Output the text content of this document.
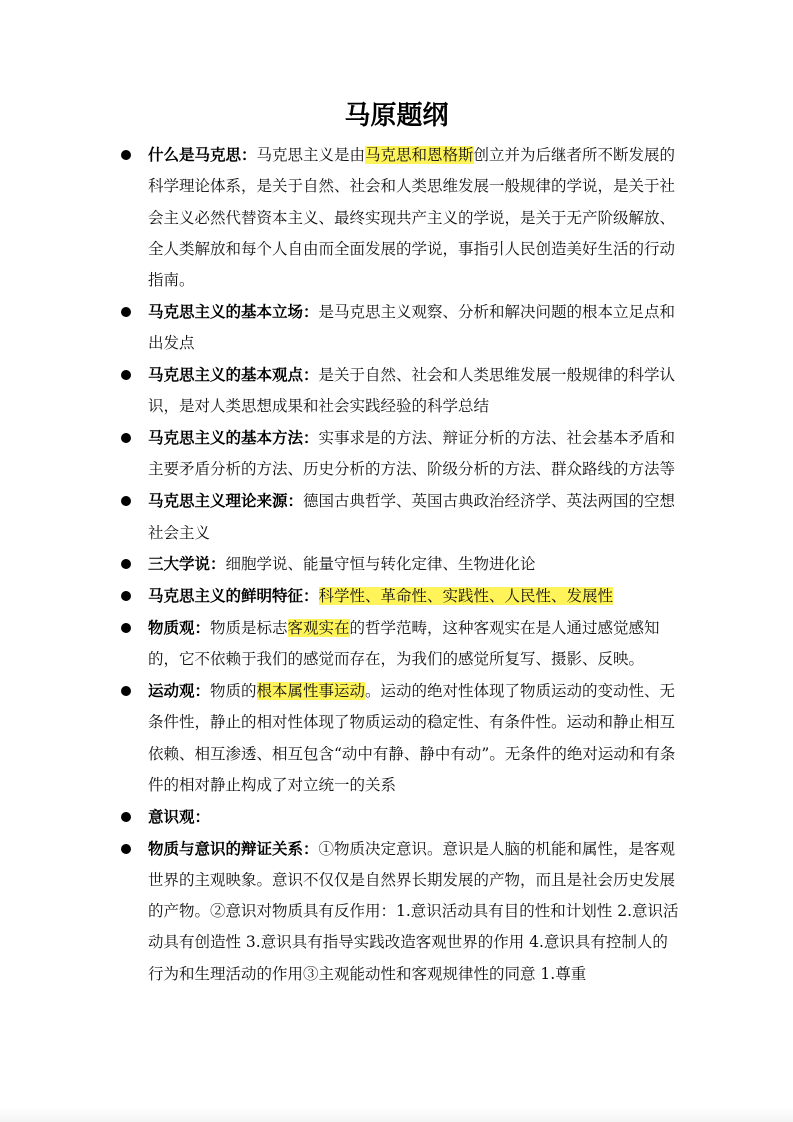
马原题纲
什么是马克思：马克思主义是由马克思和恩格斯创立并为后继者所不断发展的科学理论体系，是关于自然、社会和人类思维发展一般规律的学说，是关于社会主义必然代替资本主义、最终实现共产主义的学说，是关于无产阶级解放、全人类解放和每个人自由而全面发展的学说，事指引人民创造美好生活的行动指南。
马克思主义的基本立场：是马克思主义观察、分析和解决问题的根本立足点和出发点
马克思主义的基本观点：是关于自然、社会和人类思维发展一般规律的科学认识，是对人类思想成果和社会实践经验的科学总结
马克思主义的基本方法：实事求是的方法、辩证分析的方法、社会基本矛盾和主要矛盾分析的方法、历史分析的方法、阶级分析的方法、群众路线的方法等
马克思主义理论来源：德国古典哲学、英国古典政治经济学、英法两国的空想社会主义
三大学说：细胞学说、能量守恒与转化定律、生物进化论
马克思主义的鲜明特征：科学性、革命性、实践性、人民性、发展性
物质观：物质是标志客观实在的哲学范畴，这种客观实在是人通过感觉感知的，它不依赖于我们的感觉而存在，为我们的感觉所复写、摄影、反映。
运动观：物质的根本属性事运动。运动的绝对性体现了物质运动的变动性、无条件性，静止的相对性体现了物质运动的稳定性、有条件性。运动和静止相互依赖、相互渗透、相互包含“动中有静、静中有动”。无条件的绝对运动和有条件的相对静止构成了对立统一的关系
意识观：
物质与意识的辩证关系：①物质决定意识。意识是人脑的机能和属性，是客观世界的主观映象。意识不仅仅是自然界长期发展的产物，而且是社会历史发展的产物。②意识对物质具有反作用：1.意识活动具有目的性和计划性 2.意识活动具有创造性 3.意识具有指导实践改造客观世界的作用 4.意识具有控制人的行为和生理活动的作用③主观能动性和客观规律性的同意 1.尊重
